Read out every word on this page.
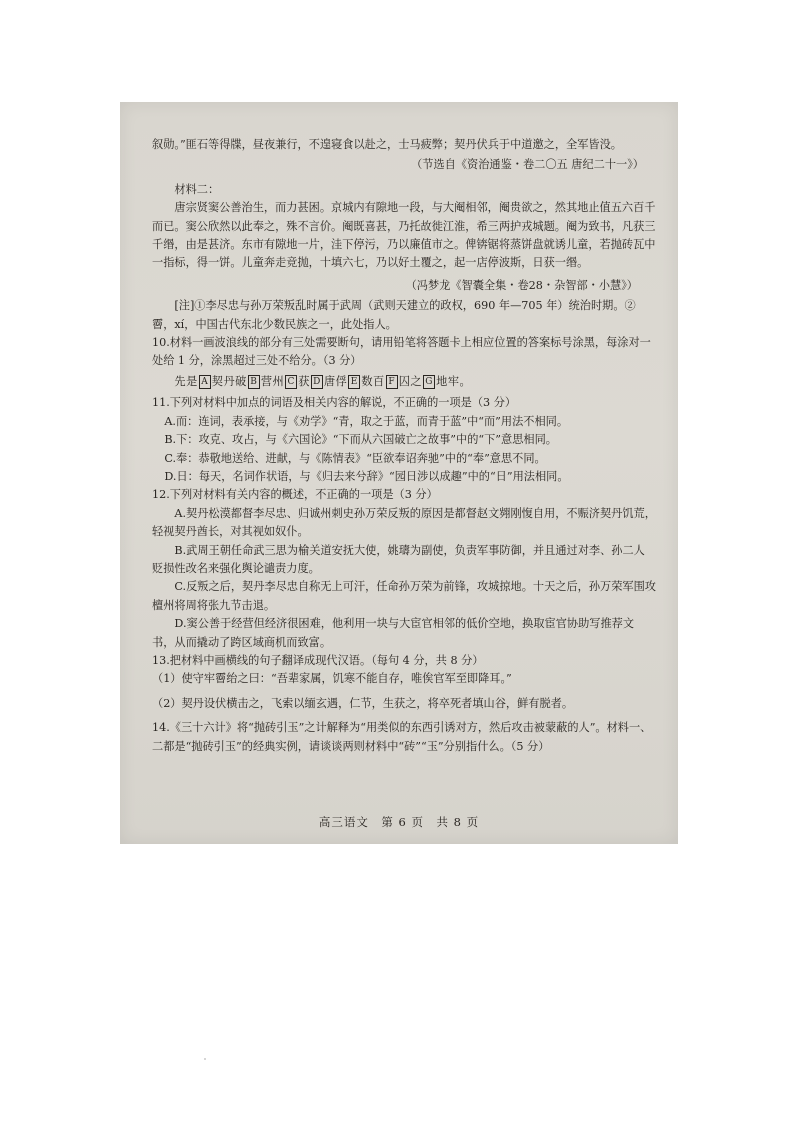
叙勋。”匪石等得牒，昼夜兼行，不遑寝食以赴之，士马疲弊；契丹伏兵于中道邀之，全军皆没。

（节选自《资治通鉴・卷二〇五 唐纪二十一》）

材料二：

唐宗贤窦公善治生，而力甚困。京城内有隙地一段，与大阉相邻，阉贵欲之，然其地止值五六百千而已。窦公欣然以此奉之，殊不言价。阉既喜甚，乃托故徙江淮，希三两护戎城题。阉为致书，凡获三千缗，由是甚济。东市有隙地一片，洼下停污，乃以廉值市之。俾锛锯将蒸饼盘就诱儿童，若抛砖瓦中一指标，得一饼。儿童奔走竞抛，十填六七，乃以好土覆之，起一店停波斯，日获一缗。

（冯梦龙《智囊全集・卷28・杂智部・小慧》）

[注]①李尽忠与孙万荣叛乱时属于武周（武则天建立的政权，690 年—705 年）统治时期。②霫，xí，中国古代东北少数民族之一，此处指人。

10.材料一画波浪线的部分有三处需要断句，请用铅笔将答题卡上相应位置的答案标号涂黑，每涂对一处给 1 分，涂黑超过三处不给分。（3 分）

先是 A 契丹破 B 营州 C 获 D 唐俘 E 数百 F 囚之 G 地牢。

11.下列对材料中加点的词语及相关内容的解说，不正确的一项是（3 分）

A.而：连词，表承接，与《劝学》“青，取之于蓝，而青于蓝”中“而”用法不相同。

B.下：攻克、攻占，与《六国论》“下而从六国破亡之故事”中的“下”意思相同。

C.奉：恭敬地送给、进献，与《陈情表》“臣欲奉诏奔驰”中的“奉”意思不同。

D.日：每天，名词作状语，与《归去来兮辞》“园日涉以成趣”中的“日”用法相同。

12.下列对材料有关内容的概述，不正确的一项是（3 分）

A.契丹松漠都督李尽忠、归诚州刺史孙万荣反叛的原因是都督赵文翙刚愎自用，不赈济契丹饥荒，轻视契丹酋长，对其视如奴仆。

B.武周王朝任命武三思为榆关道安抚大使，姚璹为副使，负责军事防御，并且通过对李、孙二人贬损性改名来强化舆论谴责力度。

C.反叛之后，契丹李尽忠自称无上可汗，任命孙万荣为前锋，攻城掠地。十天之后，孙万荣军围攻檀州将周将张九节击退。

D.窦公善于经营但经济很困难，他利用一块与大宦官相邻的低价空地，换取宦官协助写推荐文书，从而撬动了跨区域商机而致富。

13.把材料中画横线的句子翻译成现代汉语。（每句 4 分，共 8 分）

（1）使守牢霫绐之曰：“吾辈家属，饥寒不能自存，唯俟官军至即降耳。”

（2）契丹设伏横击之，飞索以缅玄遇，仁节，生获之，将卒死者填山谷，鲜有脱者。

14.《三十六计》将“抛砖引玉”之计解释为“用类似的东西引诱对方，然后攻击被蒙蔽的人”。材料一、二都是“抛砖引玉”的经典实例，请谈谈两则材料中“砖”“玉”分别指什么。（5 分）

高三语文　第 6 页　共 8 页
